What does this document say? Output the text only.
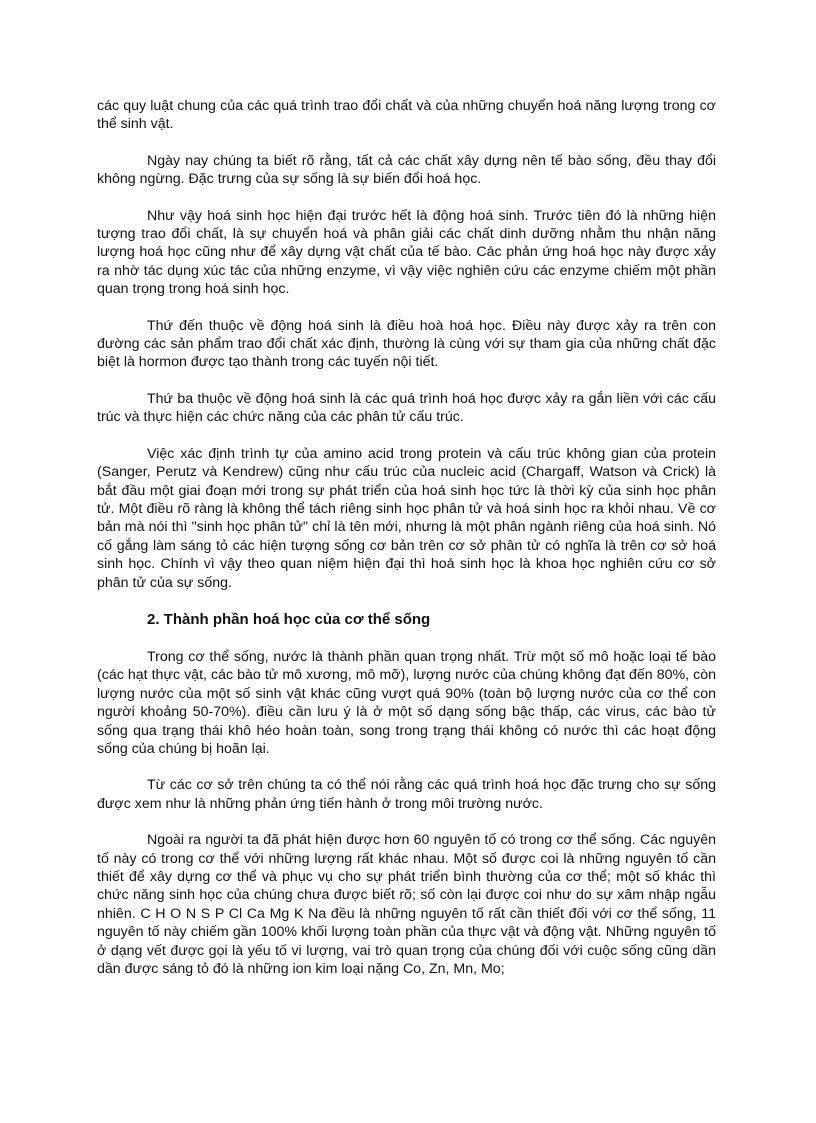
các quy luật chung của các quá trình trao đổi chất và của những chuyển hoá năng lượng trong cơ thể sinh vật.

Ngày nay chúng ta biết rõ rằng, tất cả các chất xây dựng nên tế bào sống, đều thay đổi không ngừng. Đặc trưng của sự sống là sự biến đổi hoá học.

Như vậy hoá sinh học hiện đại trước hết là động hoá sinh. Trước tiên đó là những hiện tượng trao đổi chất, là sự chuyển hoá và phân giải các chất dinh dưỡng nhằm thu nhận năng lượng hoá học cũng như để xây dựng vật chất của tế bào. Các phản ứng hoá học này được xảy ra nhờ tác dụng xúc tác của những enzyme, vì vậy việc nghiên cứu các enzyme chiếm một phần quan trọng trong hoá sinh học.

Thứ đến thuộc về động hoá sinh là điều hoà hoá học. Điều này được xảy ra trên con đường các sản phẩm trao đổi chất xác định, thường là cùng với sự tham gia của những chất đặc biệt là hormon được tạo thành trong các tuyến nội tiết.

Thứ ba thuộc về động hoá sinh là các quá trình hoá học được xảy ra gắn liền với các cấu trúc và thực hiện các chức năng của các phân tử cấu trúc.

Việc xác định trình tự của amino acid trong protein và cấu trúc không gian của protein (Sanger, Perutz và Kendrew) cũng như cấu trúc của nucleic acid (Chargaff, Watson và Crick) là bắt đầu một giai đoạn mới trong sự phát triển của hoá sinh học tức là thời kỳ của sinh học phân tử. Một điều rõ ràng là không thể tách riêng sinh học phân tử và hoá sinh học ra khỏi nhau. Về cơ bản mà nói thì "sinh học phân tử" chỉ là tên mới, nhưng là một phân ngành riêng của hoá sinh. Nó cố gắng làm sáng tỏ các hiện tượng sống cơ bản trên cơ sở phân tử có nghĩa là trên cơ sở hoá sinh học. Chính vì vậy theo quan niệm hiện đại thì hoá sinh học là khoa học nghiên cứu cơ sở phân tử của sự sống.

2. Thành phần hoá học của cơ thể sống

Trong cơ thể sống, nước là thành phần quan trọng nhất. Trừ một số mô hoặc loại tế bào (các hạt thực vật, các bào tử mô xương, mô mỡ), lượng nước của chúng không đạt đến 80%, còn lượng nước của một số sinh vật khác cũng vượt quá 90% (toàn bộ lượng nước của cơ thể con người khoảng 50-70%). điều cần lưu ý là ở một số dạng sống bậc thấp, các virus, các bào tử sống qua trạng thái khô héo hoàn toàn, song trong trạng thái không có nước thì các hoạt động sống của chúng bị hoãn lại.

Từ các cơ sở trên chúng ta có thể nói rằng các quá trình hoá học đặc trưng cho sự sống được xem như là những phản ứng tiến hành ở trong môi trường nước.

Ngoài ra người ta đã phát hiện được hơn 60 nguyên tố có trong cơ thể sống. Các nguyên tố này có trong cơ thể với những lượng rất khác nhau. Một số được coi là những nguyên tố cần thiết để xây dựng cơ thể và phục vụ cho sự phát triển bình thường của cơ thể; một số khác thì chức năng sinh học của chúng chưa được biết rõ; số còn lại được coi như do sự xâm nhập ngẫu nhiên. C H O N S P Cl Ca Mg K Na đều là những nguyên tố rất cần thiết đối với cơ thể sống, 11 nguyên tố này chiếm gần 100% khối lượng toàn phần của thực vật và động vật. Những nguyên tố ở dạng vết được gọi là yếu tố vi lượng, vai trò quan trọng của chúng đối với cuộc sống cũng dần dần được sáng tỏ đó là những ion kim loại nặng Co, Zn, Mn, Mo;
